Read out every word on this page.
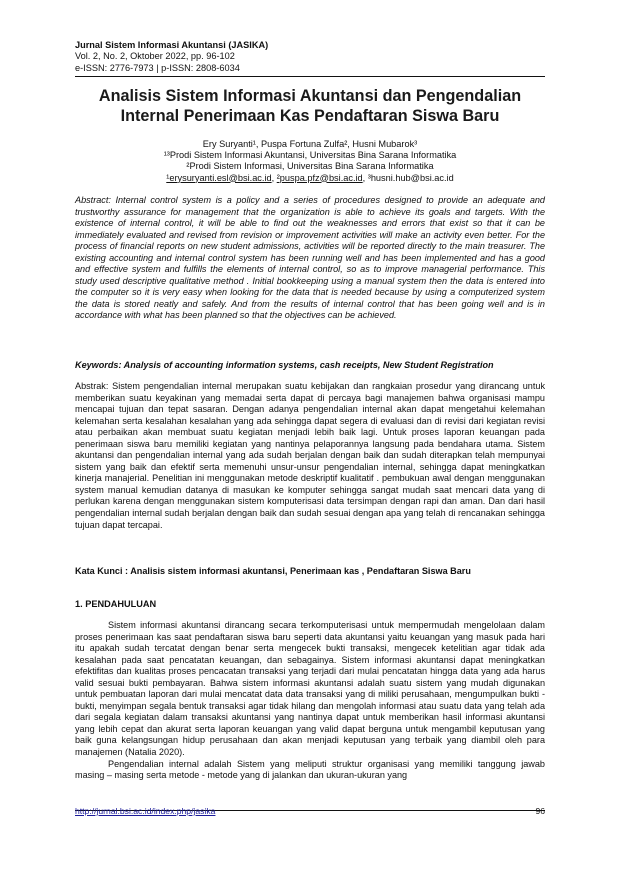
Jurnal Sistem Informasi Akuntansi (JASIKA)
Vol. 2, No. 2, Oktober 2022, pp. 96-102
e-ISSN: 2776-7973 | p-ISSN: 2808-6034
Analisis Sistem Informasi Akuntansi dan Pengendalian
Internal Penerimaan Kas Pendaftaran Siswa Baru
Ery Suryanti¹, Puspa Fortuna Zulfa², Husni Mubarok³
¹³Prodi Sistem Informasi Akuntansi, Universitas Bina Sarana Informatika
²Prodi Sistem Informasi, Universitas Bina Sarana Informatika
¹erysuryanti.esl@bsi.ac.id, ²puspa.pfz@bsi.ac.id, ³husni.hub@bsi.ac.id
Abstract: Internal control system is a policy and a series of procedures designed to provide an adequate and trustworthy assurance for management that the organization is able to achieve its goals and targets. With the existence of internal control, it will be able to find out the weaknesses and errors that exist so that it can be immediately evaluated and revised from revision or improvement activities will make an activity even better. For the process of financial reports on new student admissions, activities will be reported directly to the main treasurer. The existing accounting and internal control system has been running well and has been implemented and has a good and effective system and fulfills the elements of internal control, so as to improve managerial performance. This study used descriptive qualitative method . Initial bookkeeping using a manual system then the data is entered into the computer so it is very easy when looking for the data that is needed because by using a computerized system the data is stored neatly and safely. And from the results of internal control that has been going well and is in accordance with what has been planned so that the objectives can be achieved.
Keywords: Analysis of accounting information systems, cash receipts, New Student Registration
Abstrak: Sistem pengendalian internal merupakan suatu kebijakan dan rangkaian prosedur yang dirancang untuk memberikan suatu keyakinan yang memadai serta dapat di percaya bagi manajemen bahwa organisasi mampu mencapai tujuan dan tepat sasaran. Dengan adanya pengendalian internal akan dapat mengetahui kelemahan kelemahan serta kesalahan kesalahan yang ada sehingga dapat segera di evaluasi dan di revisi dari kegiatan revisi atau perbaikan akan membuat suatu kegiatan menjadi lebih baik lagi. Untuk proses laporan keuangan pada penerimaan siswa baru memiliki kegiatan yang nantinya pelaporannya langsung pada bendahara utama. Sistem akuntansi dan pengendalian internal yang ada sudah berjalan dengan baik dan sudah diterapkan telah mempunyai sistem yang baik dan efektif serta memenuhi unsur-unsur pengendalian internal, sehingga dapat meningkatkan kinerja manajerial. Penelitian ini menggunakan metode deskriptif kualitatif . pembukuan awal dengan menggunakan system manual kemudian datanya di masukan ke komputer sehingga sangat mudah saat mencari data yang di perlukan karena dengan menggunakan sistem komputerisasi data tersimpan dengan rapi dan aman. Dan dari hasil pengendalian internal sudah berjalan dengan baik dan sudah sesuai dengan apa yang telah di rencanakan sehingga tujuan dapat tercapai.
Kata Kunci : Analisis sistem informasi akuntansi, Penerimaan kas , Pendaftaran Siswa Baru
1. PENDAHULUAN

Sistem informasi akuntansi dirancang secara terkomputerisasi untuk mempermudah mengelolaan dalam proses penerimaan kas saat pendaftaran siswa baru seperti data akuntansi yaitu keuangan yang masuk pada hari itu apakah sudah tercatat dengan benar serta mengecek bukti transaksi, mengecek ketelitian agar tidak ada kesalahan pada saat pencatatan keuangan, dan sebagainya. Sistem informasi akuntansi dapat meningkatkan efektifitas dan kualitas proses pencacatan transaksi yang terjadi dari mulai pencatatan hingga data yang ada harus valid sesuai bukti pembayaran. Bahwa sistem informasi akuntansi adalah suatu sistem yang mudah digunakan untuk pembuatan laporan dari mulai mencatat data data transaksi yang di miliki perusahaan, mengumpulkan bukti - bukti, menyimpan segala bentuk transaksi agar tidak hilang dan mengolah informasi atau suatu data yang telah ada dari segala kegiatan dalam transaksi akuntansi yang nantinya dapat untuk memberikan hasil informasi akuntansi yang lebih cepat dan akurat serta laporan keuangan yang valid dapat berguna untuk mengambil keputusan yang baik guna kelangsungan hidup perusahaan dan akan menjadi keputusan yang terbaik yang diambil oleh para manajemen (Natalia 2020).

Pengendalian internal adalah Sistem yang meliputi struktur organisasi yang memiliki tanggung jawab masing – masing serta metode - metode yang di jalankan dan ukuran-ukuran yang

http://jurnal.bsi.ac.id/index.php/jasika	96
